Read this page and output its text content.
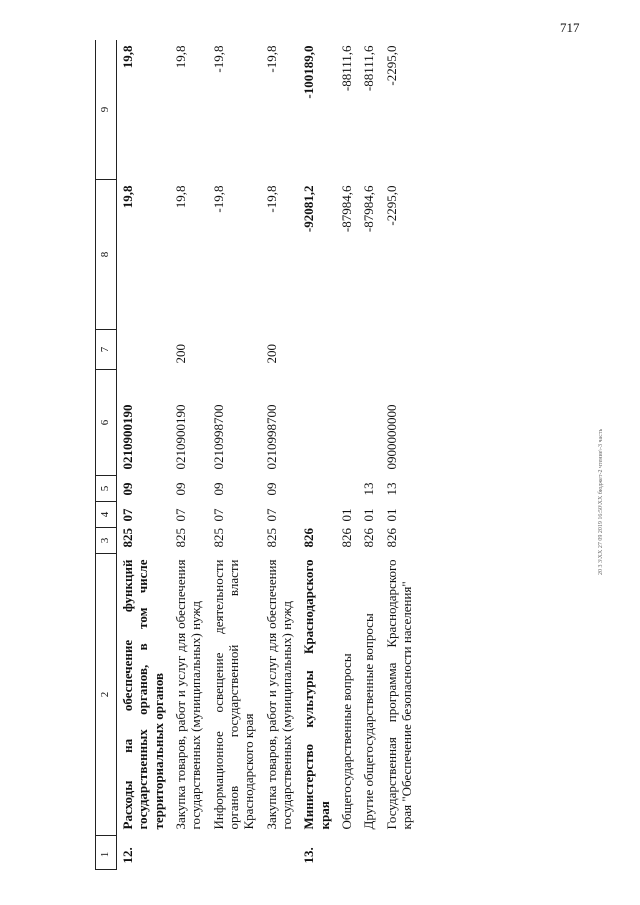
717
1	2	3	4	5	6	7	8	9
12.	Расходы на обеспечение функций государственных органов, в том числе территориальных органов	825	07	09	0210900190		19,8	19,8
	Закупка товаров, работ и услуг для обеспечения государственных (муниципальных) нужд	825	07	09	0210900190	200	19,8	19,8
	Информационное освещение деятельности органов государственной власти Краснодарского края	825	07	09	0210998700		-19,8	-19,8
	Закупка товаров, работ и услуг для обеспечения государственных (муниципальных) нужд	825	07	09	0210998700	200	-19,8	-19,8
13.	Министерство культуры Краснодарского края	826					-92081,2	-100189,0
	Общегосударственные вопросы	826	01				-87984,6	-88111,6
	Другие общегосударственные вопросы	826	01	13			-87984,6	-88111,6
	Государственная программа Краснодарского края "Обеспечение безопасности населения"	826	01	13	0900000000		-2295,0	-2295,0
20 3 3\ХХ 27 09 2019 16:50\ХХ бюджет-2 чтение\-3 часть
